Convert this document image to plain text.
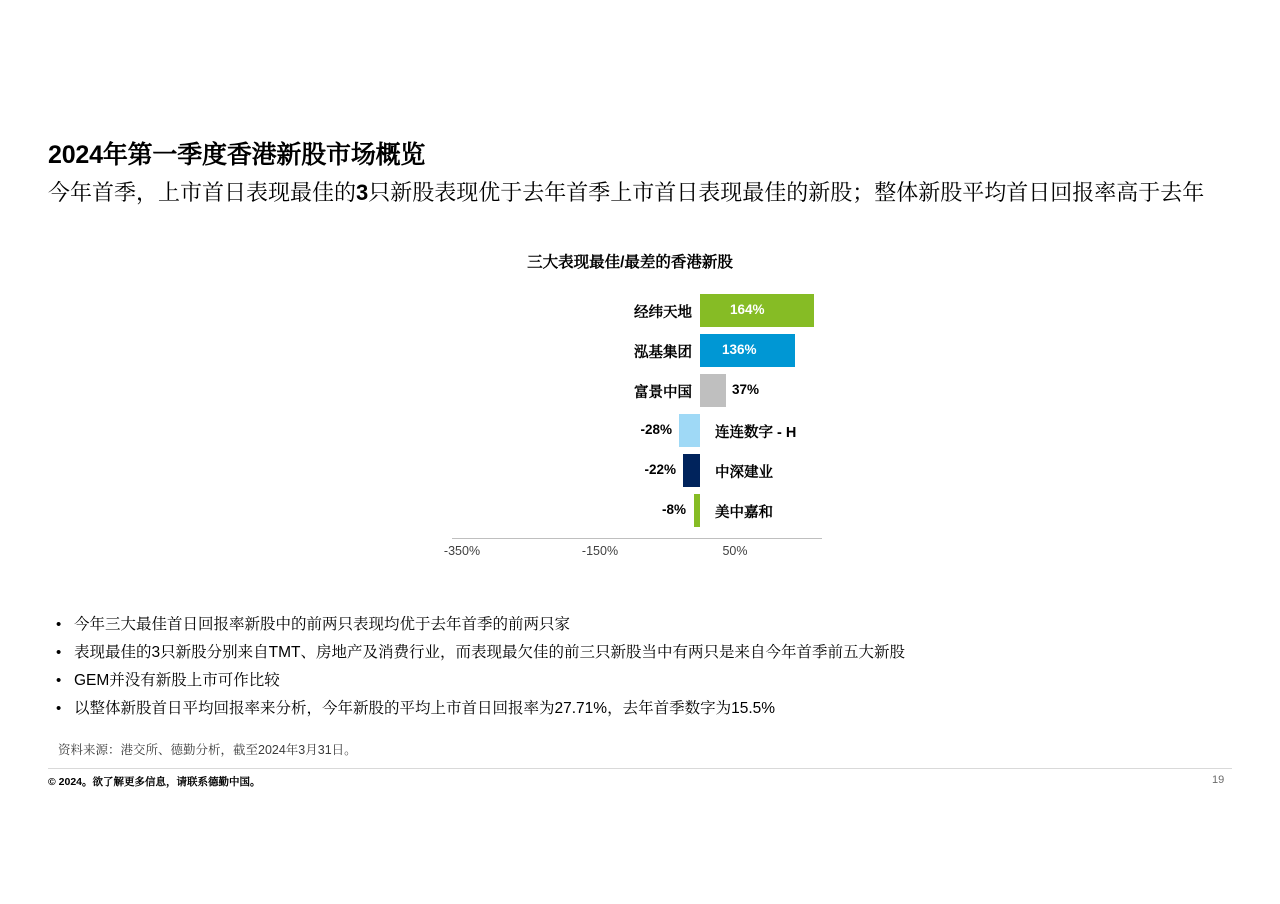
2024年第一季度香港新股市场概览
今年首季，上市首日表现最佳的3只新股表现优于去年首季上市首日表现最佳的新股；整体新股平均首日回报率高于去年
三大表现最佳/最差的香港新股
经纬天地	164%
泓基集团 136%
富景中国	37%
-28%	连连数字 - H
-22%	中深建业
-8% 美中嘉和
-350%	-150%	50%
• 今年三大最佳首日回报率新股中的前两只表现均优于去年首季的前两只家
• 表现最佳的3只新股分别来自TMT、房地产及消费行业，而表现最欠佳的前三只新股当中有两只是来自今年首季前五大新股
• GEM并没有新股上市可作比较
• 以整体新股首日平均回报率来分析，今年新股的平均上市首日回报率为27.71%，去年首季数字为15.5%
资料来源：港交所、德勤分析，截至2024年3月31日。
© 2024。欲了解更多信息，请联系德勤中国。	19
